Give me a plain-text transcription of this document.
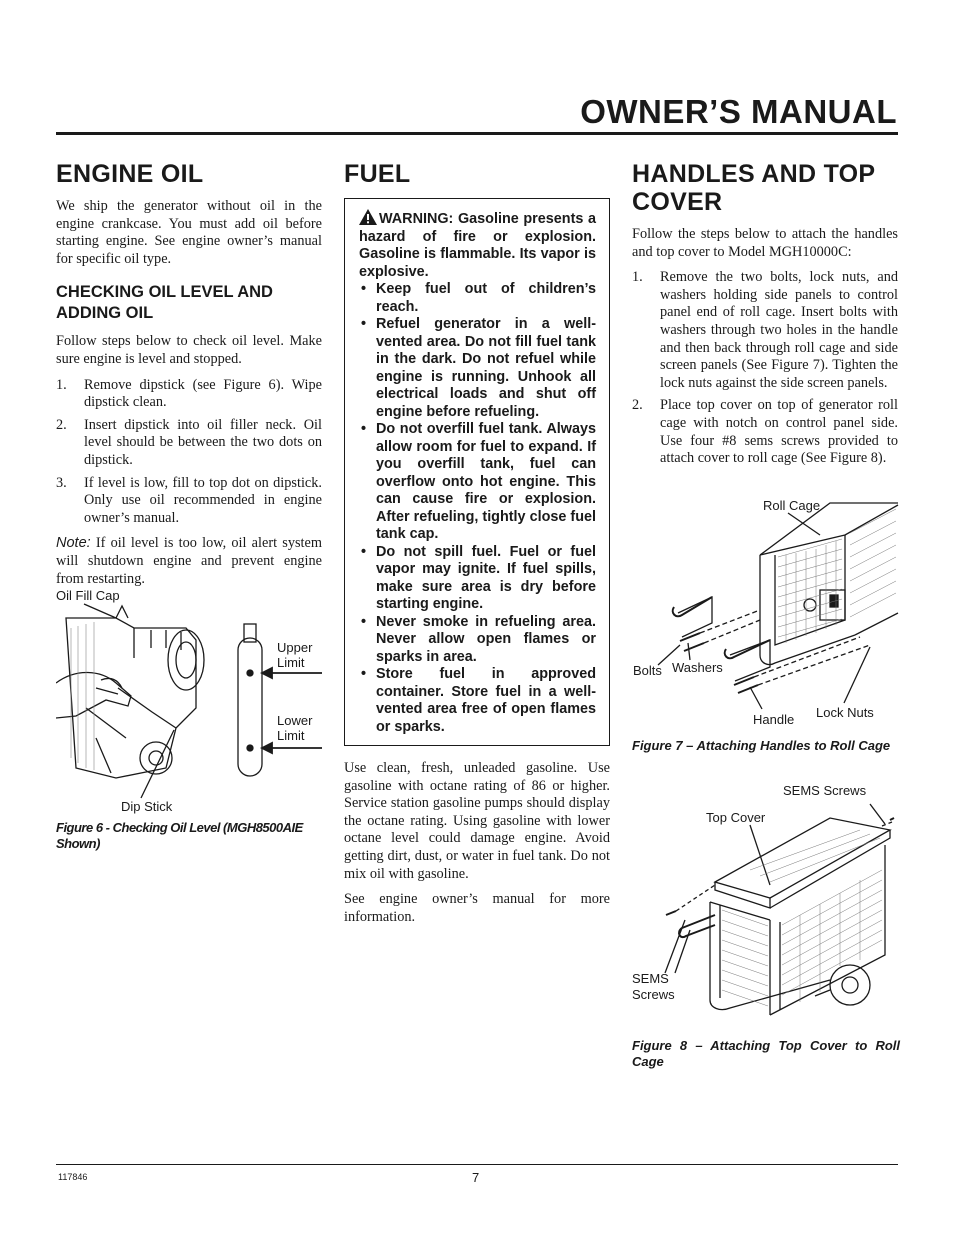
OWNER’S MANUAL
ENGINE OIL

We ship the generator without oil in the engine crankcase. You must add oil before starting engine. See engine owner’s manual for specific oil type.

CHECKING OIL LEVEL AND ADDING OIL

Follow steps below to check oil level. Make sure engine is level and stopped.

1. Remove dipstick (see Figure 6). Wipe dipstick clean.
2. Insert dipstick into oil filler neck. Oil level should be between the two dots on dipstick.
3. If level is low, fill to top dot on dipstick. Only use oil recommended in engine owner’s manual.

Note: If oil level is too low, oil alert system will shutdown engine and prevent engine from restarting.

Oil Fill Cap
Upper Limit
Lower Limit
Dip Stick

Figure 6 - Checking Oil Level (MGH8500AIE Shown)

FUEL
WARNING: Gasoline presents a hazard of fire or explosion. Gasoline is flammable. Its vapor is explosive.
• Keep fuel out of children’s reach.
• Refuel generator in a well-vented area. Do not fill fuel tank in the dark. Do not refuel while engine is running. Unhook all electrical loads and shut off engine before refueling.
• Do not overfill fuel tank. Always allow room for fuel to expand. If you overfill tank, fuel can overflow onto hot engine. This can cause fire or explosion. After refueling, tightly close fuel tank cap.
• Do not spill fuel. Fuel or fuel vapor may ignite. If fuel spills, make sure area is dry before starting engine.
• Never smoke in refueling area. Never allow open flames or sparks in area.
• Store fuel in approved container. Store fuel in a well-vented area free of open flames or sparks.

Use clean, fresh, unleaded gasoline. Use gasoline with octane rating of 86 or higher. Service station gasoline pumps should display the octane rating. Using gasoline with lower octane level could damage engine. Avoid getting dirt, dust, or water in fuel tank. Do not mix oil with gasoline.

See engine owner’s manual for more information.

HANDLES AND TOP COVER

Follow the steps below to attach the handles and top cover to Model MGH10000C:

1. Remove the two bolts, lock nuts, and washers holding side panels to control panel end of roll cage. Insert bolts with washers through two holes in the handle and then back through roll cage and side screen panels (See Figure 7). Tighten the lock nuts against the side screen panels.
2. Place top cover on top of generator roll cage with notch on control panel side. Use four #8 sems screws provided to attach cover to roll cage (See Figure 8).
Roll Cage
Bolts Washers
Handle Lock Nuts

Figure 7 – Attaching Handles to Roll Cage

SEMS Screws
Top Cover
SEMS
Screws

Figure 8 – Attaching Top Cover to Roll Cage

117846	7
